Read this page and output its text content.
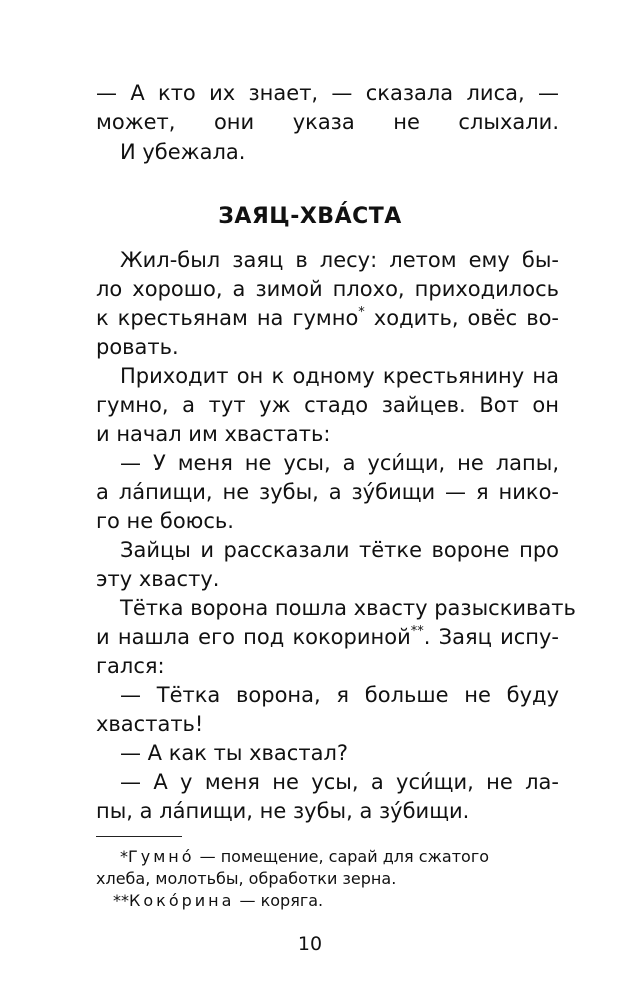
— А кто их знает, — сказала лиса, —
может, они указа не слыхали.
И убежала.
ЗАЯЦ-ХВА́СТА
Жил-был заяц в лесу: летом ему бы-
ло хорошо, а зимой плохо, приходилось
к крестьянам на гумно* ходить, овёс во-
ровать.
Приходит он к одному крестьянину на
гумно, а тут уж стадо зайцев. Вот он
и начал им хвастать:
— У меня не усы, а уси́щи, не лапы,
а ла́пищи, не зубы, а зу́бищи — я нико-
го не боюсь.
Зайцы и рассказали тётке вороне про
эту хвасту.
Тётка ворона пошла хвасту разыскивать
и нашла его под кокориной**. Заяц испу-
гался:
— Тётка ворона, я больше не буду
хвастать!
— А как ты хвастал?
— А у меня не усы, а уси́щи, не ла-
пы, а ла́пищи, не зубы, а зу́бищи.
*Гумно́ — помещение, сарай для сжатого
хлеба, молотьбы, обработки зерна.
**Коко́рина — коряга.
10
